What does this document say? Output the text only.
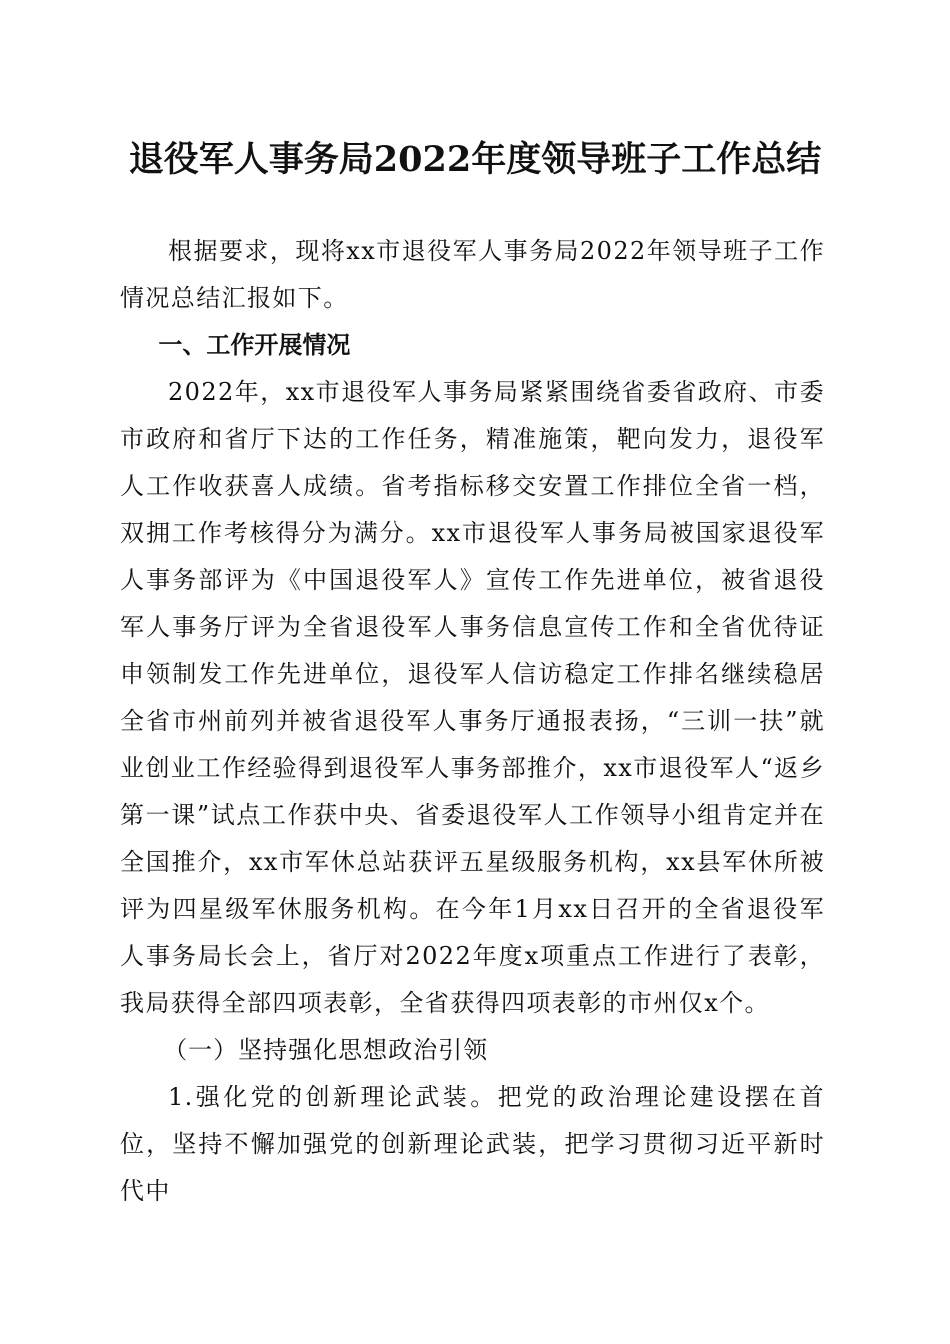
退役军人事务局2022年度领导班子工作总结

根据要求，现将xx市退役军人事务局2022年领导班子工作情况总结汇报如下。

一、工作开展情况

2022年，xx市退役军人事务局紧紧围绕省委省政府、市委市政府和省厅下达的工作任务，精准施策，靶向发力，退役军人工作收获喜人成绩。省考指标移交安置工作排位全省一档，双拥工作考核得分为满分。xx市退役军人事务局被国家退役军人事务部评为《中国退役军人》宣传工作先进单位，被省退役军人事务厅评为全省退役军人事务信息宣传工作和全省优待证申领制发工作先进单位，退役军人信访稳定工作排名继续稳居全省市州前列并被省退役军人事务厅通报表扬，“三训一扶”就业创业工作经验得到退役军人事务部推介，xx市退役军人“返乡第一课”试点工作获中央、省委退役军人工作领导小组肯定并在全国推介，xx市军休总站获评五星级服务机构，xx县军休所被评为四星级军休服务机构。在今年1月xx日召开的全省退役军人事务局长会上，省厅对2022年度x项重点工作进行了表彰，我局获得全部四项表彰，全省获得四项表彰的市州仅x个。

（一）坚持强化思想政治引领

1.强化党的创新理论武装。把党的政治理论建设摆在首位，坚持不懈加强党的创新理论武装，把学习贯彻习近平新时代中
